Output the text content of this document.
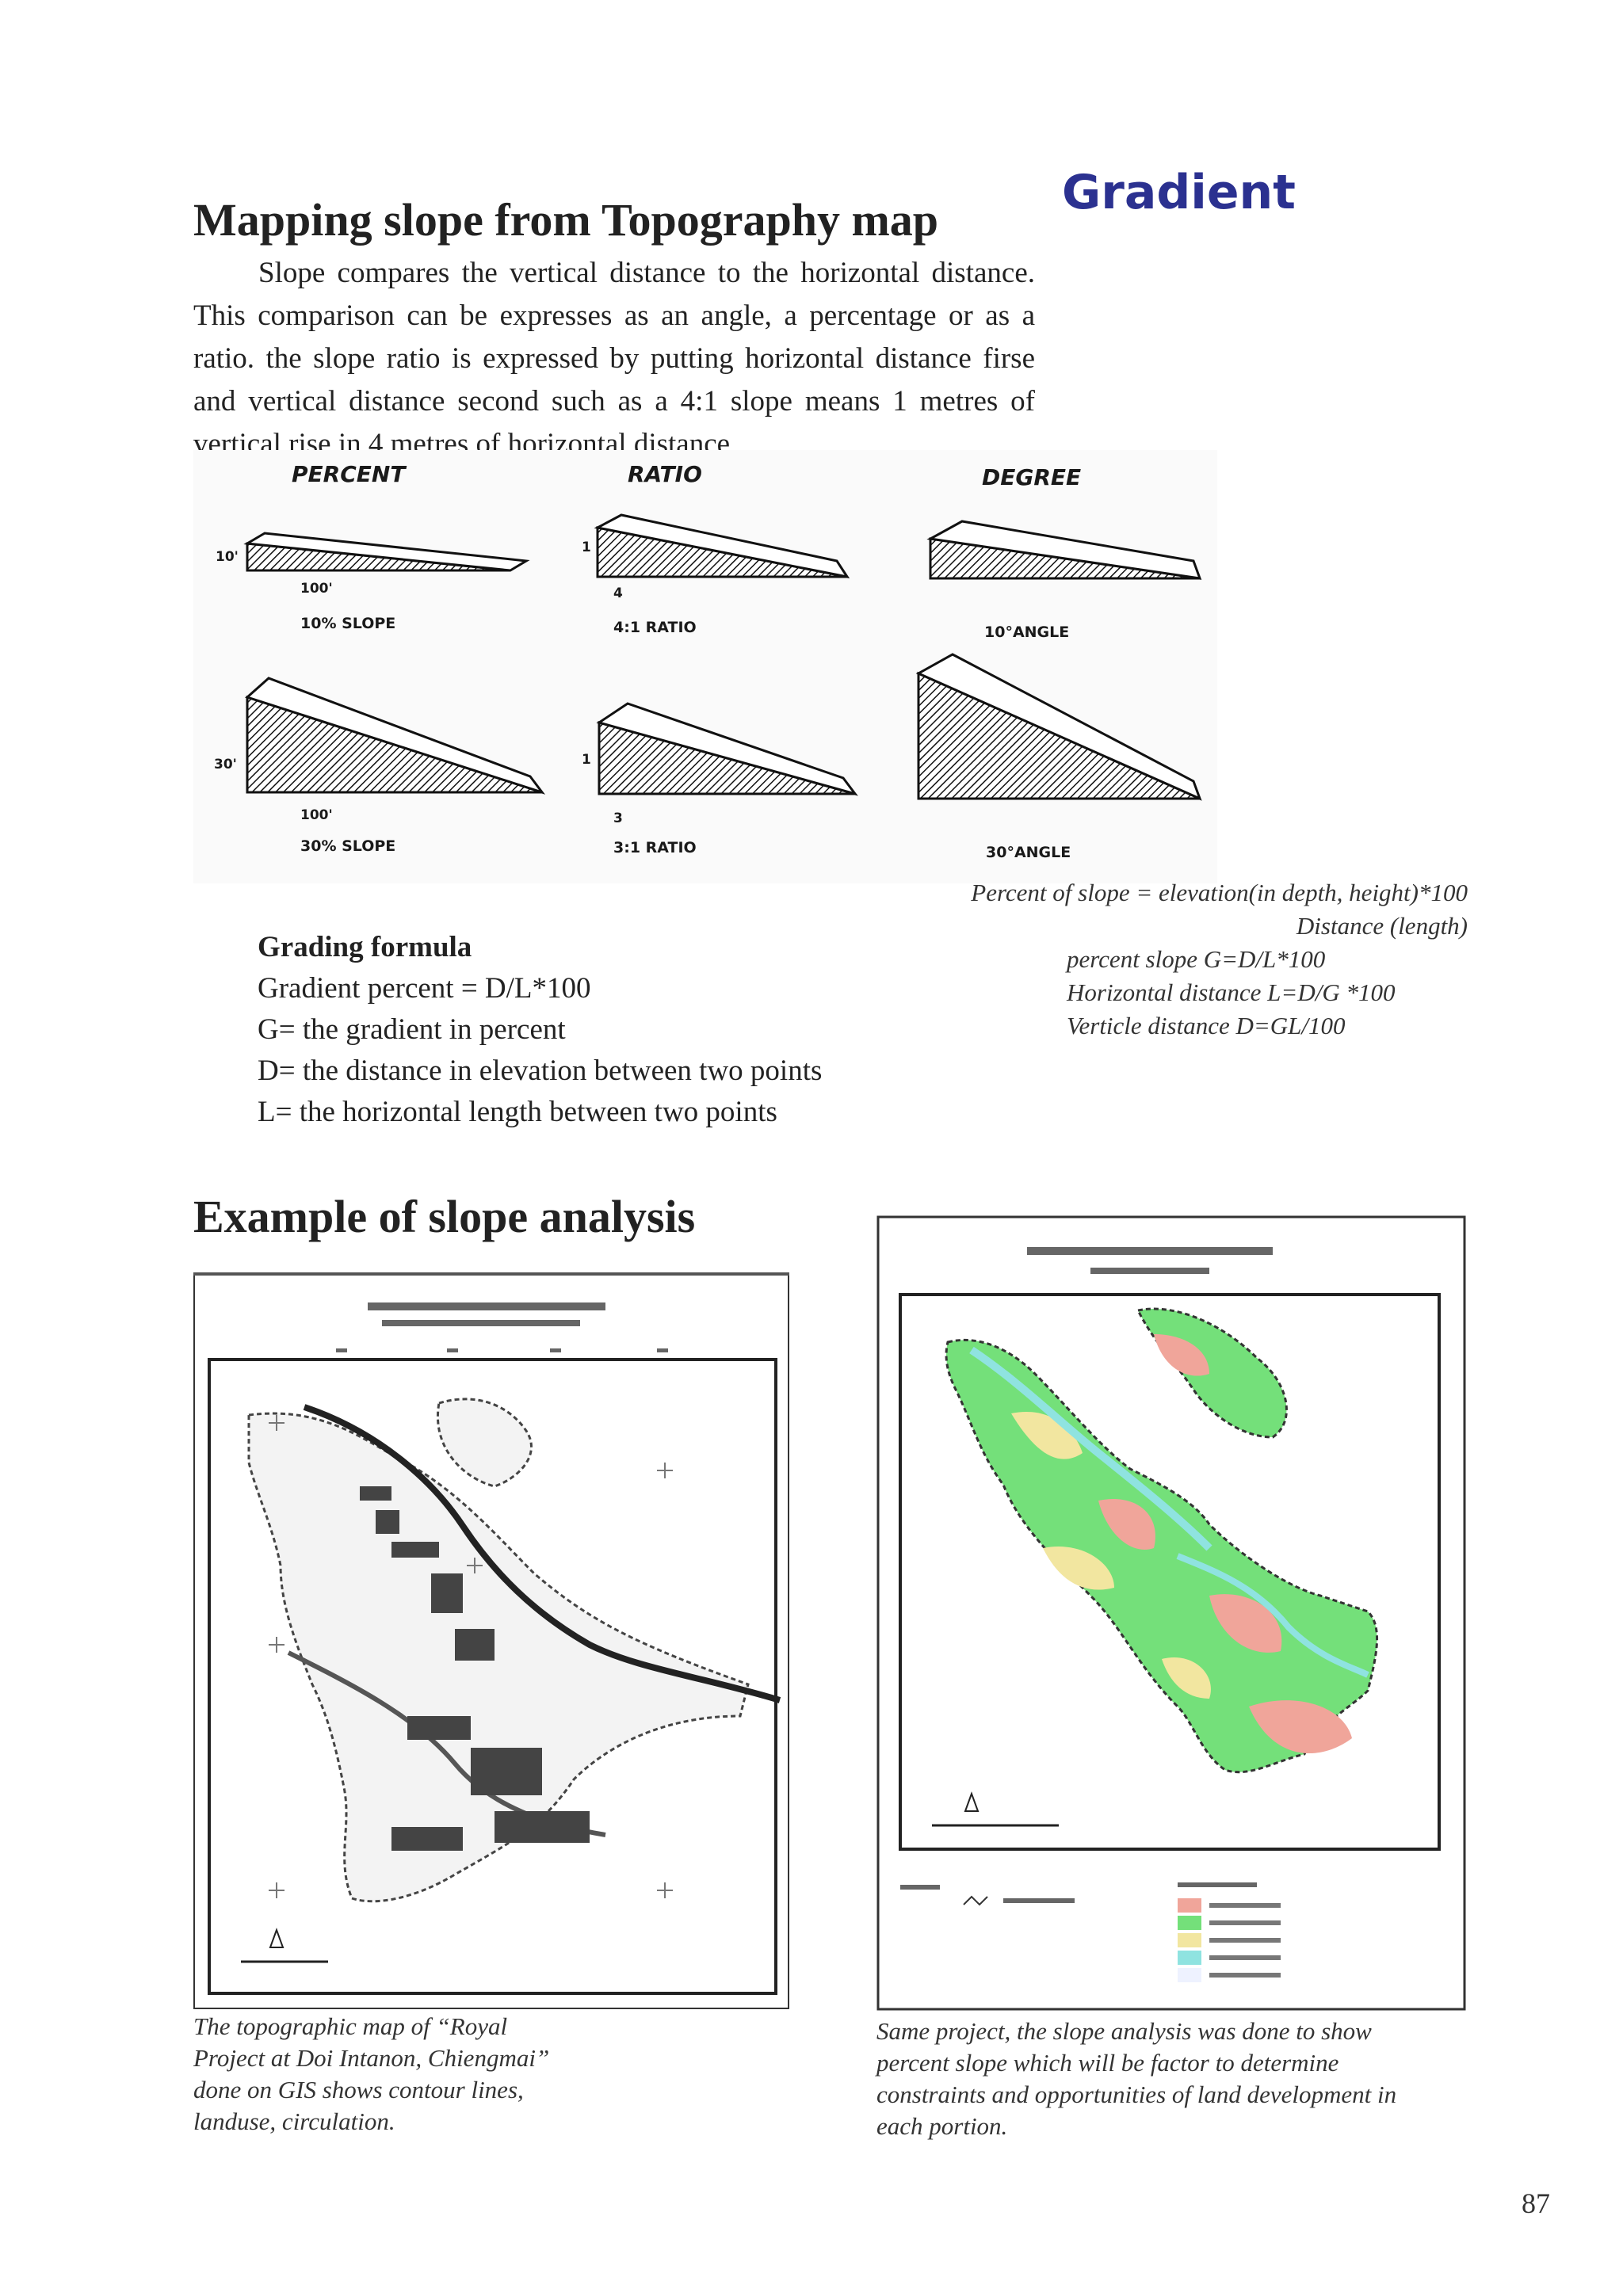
Gradient
Mapping slope from Topography map

Slope compares the vertical distance to the horizontal distance. This comparison can be expresses as an angle, a percentage or as a ratio. the slope ratio is expressed by putting horizontal distance firse and vertical distance second such as a 4:1 slope means 1 metres of vertical rise in 4 metres of horizontal distance

PERCENT	RATIO	DEGREE
10'
100'
10% SLOPE
1
4
4:1 RATIO	10°ANGLE
30'
100'
30% SLOPE
1
3
3:1 RATIO	30°ANGLE
Percent of slope = elevation(in depth, height)*100
Distance (length)
percent slope G=D/L*100
Horizontal distance L=D/G *100
Verticle distance D=GL/100
Grading formula
Gradient percent = D/L*100
G= the gradient in percent
D= the distance in elevation between two points
L= the horizontal length between two points
Example of slope analysis
The topographic map of “Royal
Project at Doi Intanon, Chiengmai”
done on GIS shows contour lines,
landuse, circulation.
Same project, the slope analysis was done to show
percent slope which will be factor to determine
constraints and opportunities of land development in
each portion.
87
